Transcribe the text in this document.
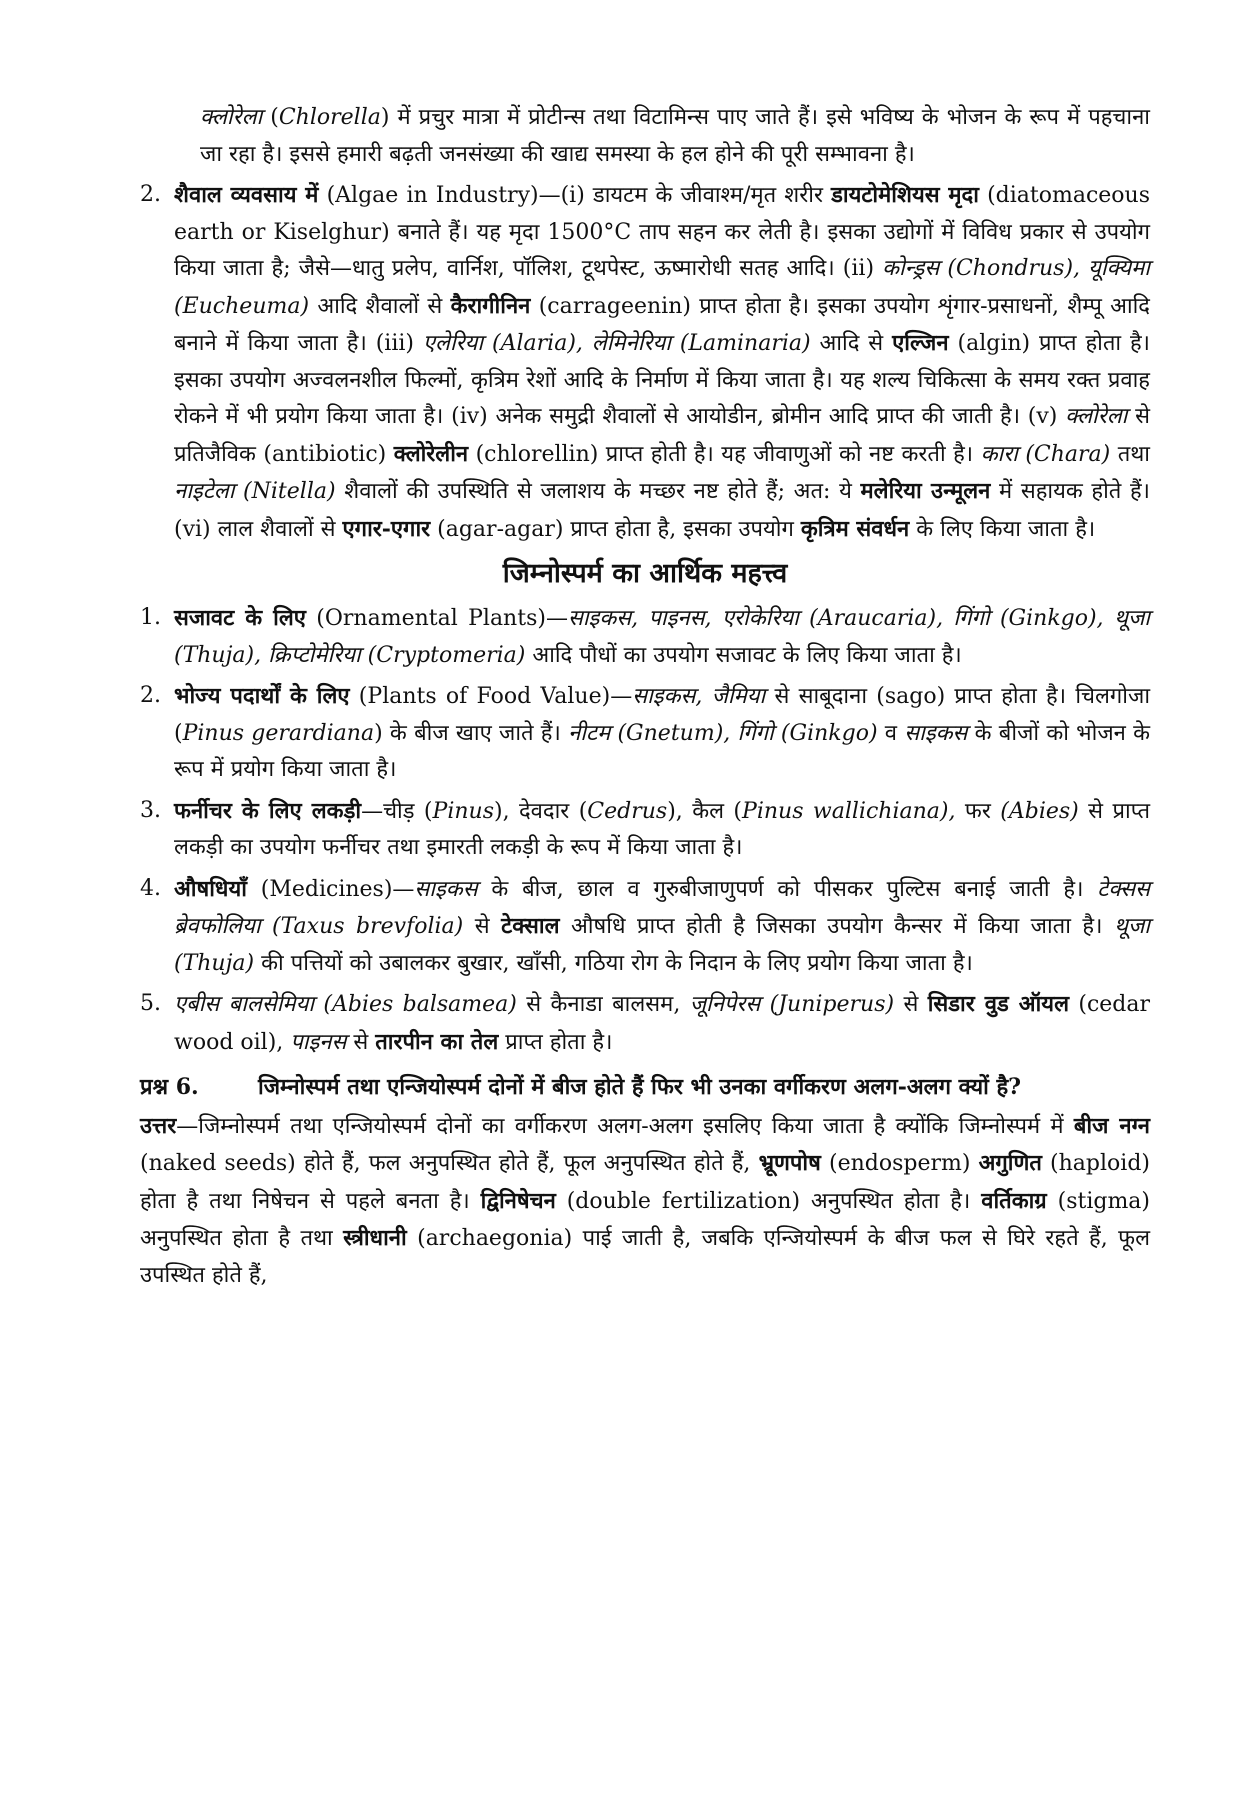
क्लोरेला (Chlorella) में प्रचुर मात्रा में प्रोटीन्स तथा विटामिन्स पाए जाते हैं। इसे भविष्य के भोजन के रूप में पहचाना जा रहा है। इससे हमारी बढ़ती जनसंख्या की खाद्य समस्या के हल होने की पूरी सम्भावना है।

2. शैवाल व्यवसाय में (Algae in Industry)—(i) डायटम के जीवाश्म/मृत शरीर डायटोमेशियस मृदा (diatomaceous earth or Kiselghur) बनाते हैं। यह मृदा 1500°C ताप सहन कर लेती है। इसका उद्योगों में विविध प्रकार से उपयोग किया जाता है; जैसे—धातु प्रलेप, वार्निश, पॉलिश, टूथपेस्ट, ऊष्मारोधी सतह आदि। (ii) कोन्ड्रस (Chondrus), यूक्यिमा (Eucheuma) आदि शैवालों से कैरागीनिन (carrageenin) प्राप्त होता है। इसका उपयोग शृंगार-प्रसाधनों, शैम्पू आदि बनाने में किया जाता है। (iii) एलेरिया (Alaria), लेमिनेरिया (Laminaria) आदि से एल्जिन (algin) प्राप्त होता है। इसका उपयोग अज्वलनशील फिल्मों, कृत्रिम रेशों आदि के निर्माण में किया जाता है। यह शल्य चिकित्सा के समय रक्त प्रवाह रोकने में भी प्रयोग किया जाता है। (iv) अनेक समुद्री शैवालों से आयोडीन, ब्रोमीन आदि प्राप्त की जाती है। (v) क्लोरेला से प्रतिजैविक (antibiotic) क्लोरेलीन (chlorellin) प्राप्त होती है। यह जीवाणुओं को नष्ट करती है। कारा (Chara) तथा नाइटेला (Nitella) शैवालों की उपस्थिति से जलाशय के मच्छर नष्ट होते हैं; अत: ये मलेरिया उन्मूलन में सहायक होते हैं। (vi) लाल शैवालों से एगार-एगार (agar-agar) प्राप्त होता है, इसका उपयोग कृत्रिम संवर्धन के लिए किया जाता है।

जिम्नोस्पर्म का आर्थिक महत्त्व
1. सजावट के लिए (Ornamental Plants)—साइकस, पाइनस, एरोकेरिया (Araucaria), गिंगो (Ginkgo), थूजा (Thuja), क्रिप्टोमेरिया (Cryptomeria) आदि पौधों का उपयोग सजावट के लिए किया जाता है।

2. भोज्य पदार्थों के लिए (Plants of Food Value)—साइकस, जैमिया से साबूदाना (sago) प्राप्त होता है। चिलगोजा (Pinus gerardiana) के बीज खाए जाते हैं। नीटम (Gnetum), गिंगो (Ginkgo) व साइकस के बीजों को भोजन के रूप में प्रयोग किया जाता है।

3. फर्नीचर के लिए लकड़ी—चीड़ (Pinus), देवदार (Cedrus), कैल (Pinus wallichiana), फर (Abies) से प्राप्त लकड़ी का उपयोग फर्नीचर तथा इमारती लकड़ी के रूप में किया जाता है।

4. औषधियाँ (Medicines)—साइकस के बीज, छाल व गुरुबीजाणुपर्ण को पीसकर पुल्टिस बनाई जाती है। टेक्सस ब्रेवफोलिया (Taxus brevfolia) से टेक्साल औषधि प्राप्त होती है जिसका उपयोग कैन्सर में किया जाता है। थूजा (Thuja) की पत्तियों को उबालकर बुखार, खाँसी, गठिया रोग के निदान के लिए प्रयोग किया जाता है।

5. एबीस बालसेमिया (Abies balsamea) से कैनाडा बालसम, जूनिपेरस (Juniperus) से सिडार वुड ऑयल (cedar wood oil), पाइनस से तारपीन का तेल प्राप्त होता है।

प्रश्न 6.	जिम्नोस्पर्म तथा एन्जियोस्पर्म दोनों में बीज होते हैं फिर भी उनका वर्गीकरण अलग-अलग क्यों है?

उत्तर—जिम्नोस्पर्म तथा एन्जियोस्पर्म दोनों का वर्गीकरण अलग-अलग इसलिए किया जाता है क्योंकि जिम्नोस्पर्म में बीज नग्न (naked seeds) होते हैं, फल अनुपस्थित होते हैं, फूल अनुपस्थित होते हैं, भ्रूणपोष (endosperm) अगुणित (haploid) होता है तथा निषेचन से पहले बनता है। द्विनिषेचन (double fertilization) अनुपस्थित होता है। वर्तिकाग्र (stigma) अनुपस्थित होता है तथा स्त्रीधानी (archaegonia) पाई जाती है, जबकि एन्जियोस्पर्म के बीज फल से घिरे रहते हैं, फूल उपस्थित होते हैं,
